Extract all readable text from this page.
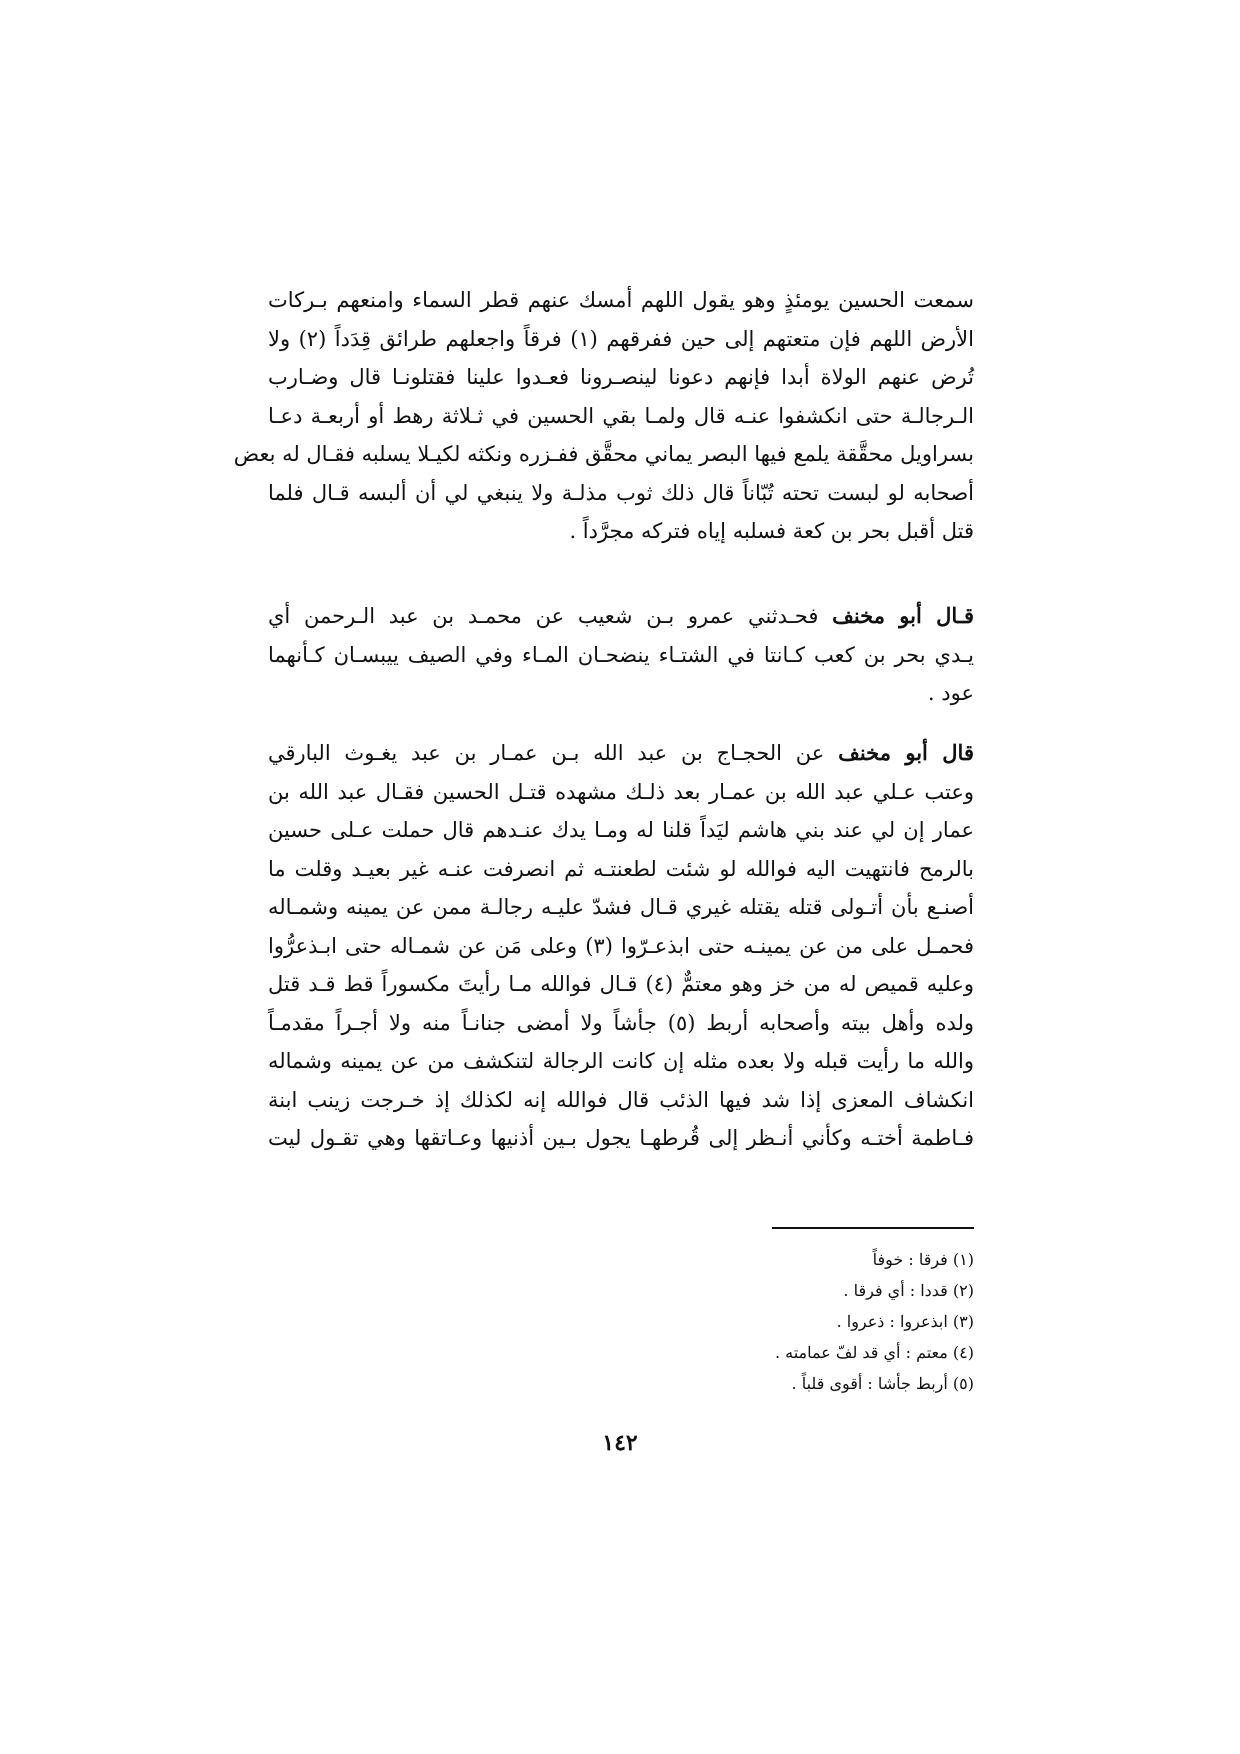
سمعت الحسين يومئذٍ وهو يقول اللهم أمسك عنهم قطر السماء وامنعهم بـركات
الأرض اللهم فإن متعتهم إلى حين ففرقهم (١) فرقاً واجعلهم طرائق قِدَداً (٢) ولا
تُرض عنهم الولاة أبدا فإنهم دعونا لينصـرونا فعـدوا علينا فقتلونـا قال وضـارب
الـرجالـة حتى انكشفوا عنـه قال ولمـا بقي الحسين في ثـلاثة رهط أو أربعـة دعـا
بسراويل محقَّقة يلمع فيها البصر يماني محقَّق ففـزره ونكثه لكيـلا يسلبه فقـال له بعض
أصحابه لو لبست تحته تُبّاناً قال ذلك ثوب مذلـة ولا ينبغي لي أن ألبسه قـال فلما
قتل أقبل بحر بن كعة فسلبه إياه فتركه مجرَّداً .

قـال أبو مخنف فحـدثني عمرو بـن شعيب عن محمـد بن عبد الـرحمن أي
يـدي بحر بن كعب كـانتا في الشتـاء ينضحـان المـاء وفي الصيف ييبسـان كـأنهما
عود .

قال أبو مخنف عن الحجـاج بن عبد الله بـن عمـار بن عبد يغـوث البارقي
وعتب عـلي عبد الله بن عمـار بعد ذلـك مشهده قتـل الحسين فقـال عبد الله بن
عمار إن لي عند بني هاشم ليَداً قلنا له ومـا يدك عنـدهم قال حملت عـلى حسين
بالرمح فانتهيت اليه فوالله لو شئت لطعنتـه ثم انصرفت عنـه غير بعيـد وقلت ما
أصنـع بأن أتـولى قتله يقتله غيري قـال فشدّ عليـه رجالـة ممن عن يمينه وشمـاله
فحمـل على من عن يمينـه حتى ابذعـرّوا (٣) وعلى مَن عن شمـاله حتى ابـذعرُّوا
وعليه قميص له من خز وهو معتمٌّ (٤) قـال فوالله مـا رأيتَ مكسوراً قط قـد قتل
ولده وأهل بيته وأصحابه أربط (٥) جأشاً ولا أمضى جنانـاً منه ولا أجـراً مقدمـاً
والله ما رأيت قبله ولا بعده مثله إن كانت الرجالة لتنكشف من عن يمينه وشماله
انكشاف المعزى إذا شد فيها الذئب قال فوالله إنه لكذلك إذ خـرجت زينب ابنة
فـاطمة أختـه وكأني أنـظر إلى قُرطهـا يجول بـين أذنيها وعـاتقها وهي تقـول ليت

(١) فرقا : خوفاً
(٢) قددا : أي فرقا .
(٣) ابذعروا : ذعروا .
(٤) معتم : أي قد لفّ عمامته .
(٥) أربط جأشا : أقوى قلباً .
١٤٢
